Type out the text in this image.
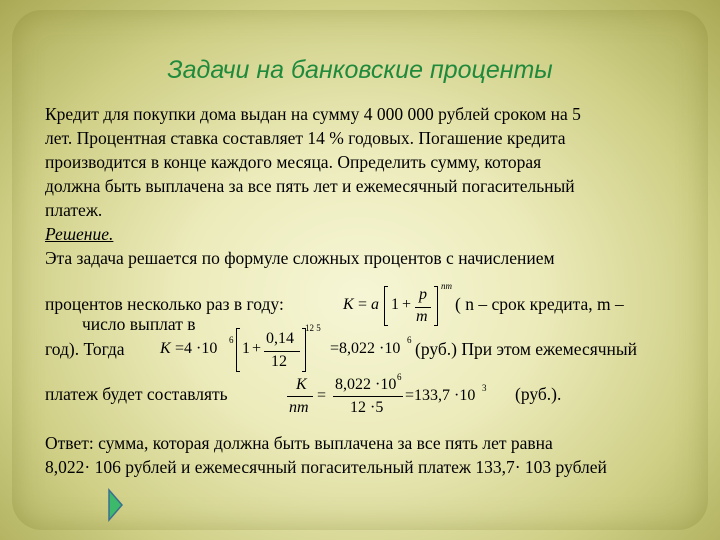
Задачи на банковские проценты
Кредит для покупки дома выдан на сумму 4 000 000 рублей сроком на 5
лет. Процентная ставка составляет 14 % годовых. Погашение кредита
производится в конце каждого месяца. Определить сумму, которая
должна быть выплачена за все пять лет и ежемесячный погасительный
платеж.
Решение.
Эта задача решается по формуле сложных процентов с начислением
процентов несколько раз в году:	( n – срок кредита, m –
число выплат в
К = a 1 +
p
m
nm
год). Тогда	(руб.) При этом ежемесячный
К =4 ·10 6 1 +
0,14
12
12 5
=8,022 ·10 6
платеж будет составлять	(руб.).
К
nm
=
8,022 ·10 6
12 ·5
=133,7 ·10 3
Ответ: сумма, которая должна быть выплачена за все пять лет равна
8,022· 106 рублей и ежемесячный погасительный платеж 133,7· 103 рублей
